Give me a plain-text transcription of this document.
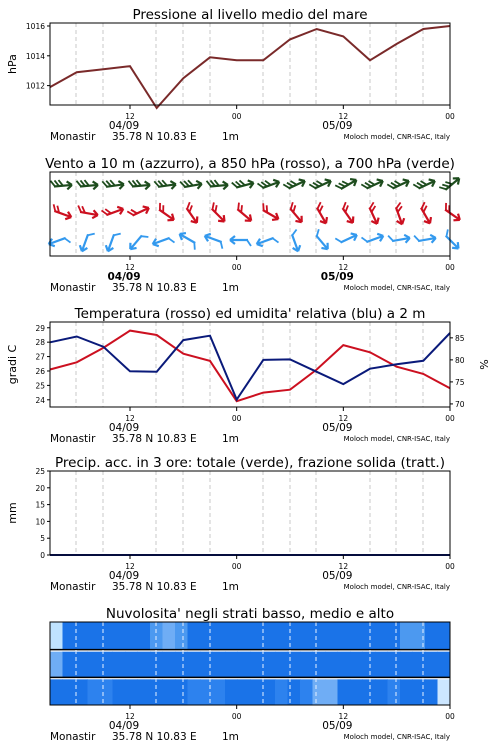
1012
1014
1016
hPa
Pressione al livello medio del mare
12	00	12	00
04/09	05/09
Monastir 35.78 N 10.83 E 1m	Moloch model, CNR-ISAC, Italy
Vento a 10 m (azzurro), a 850 hPa (rosso), a 700 hPa (verde)
12	00	12	00
04/09	05/09
Monastir 35.78 N 10.83 E 1m	Moloch model, CNR-ISAC, Italy
24
25
26
27
28
29
70
75
80
85
%
gradi C
Temperatura (rosso) ed umidita' relativa (blu) a 2 m
12	00	12	00
04/09	05/09
Monastir 35.78 N 10.83 E 1m	Moloch model, CNR-ISAC, Italy
0
5
10
15
20
25
mm
Precip. acc. in 3 ore: totale (verde), frazione solida (tratt.)
12	00	12	00
04/09	05/09
Monastir 35.78 N 10.83 E 1m	Moloch model, CNR-ISAC, Italy
Nuvolosita' negli strati basso, medio e alto
12	00	12	00
04/09	05/09
Monastir 35.78 N 10.83 E 1m	Moloch model, CNR-ISAC, Italy
